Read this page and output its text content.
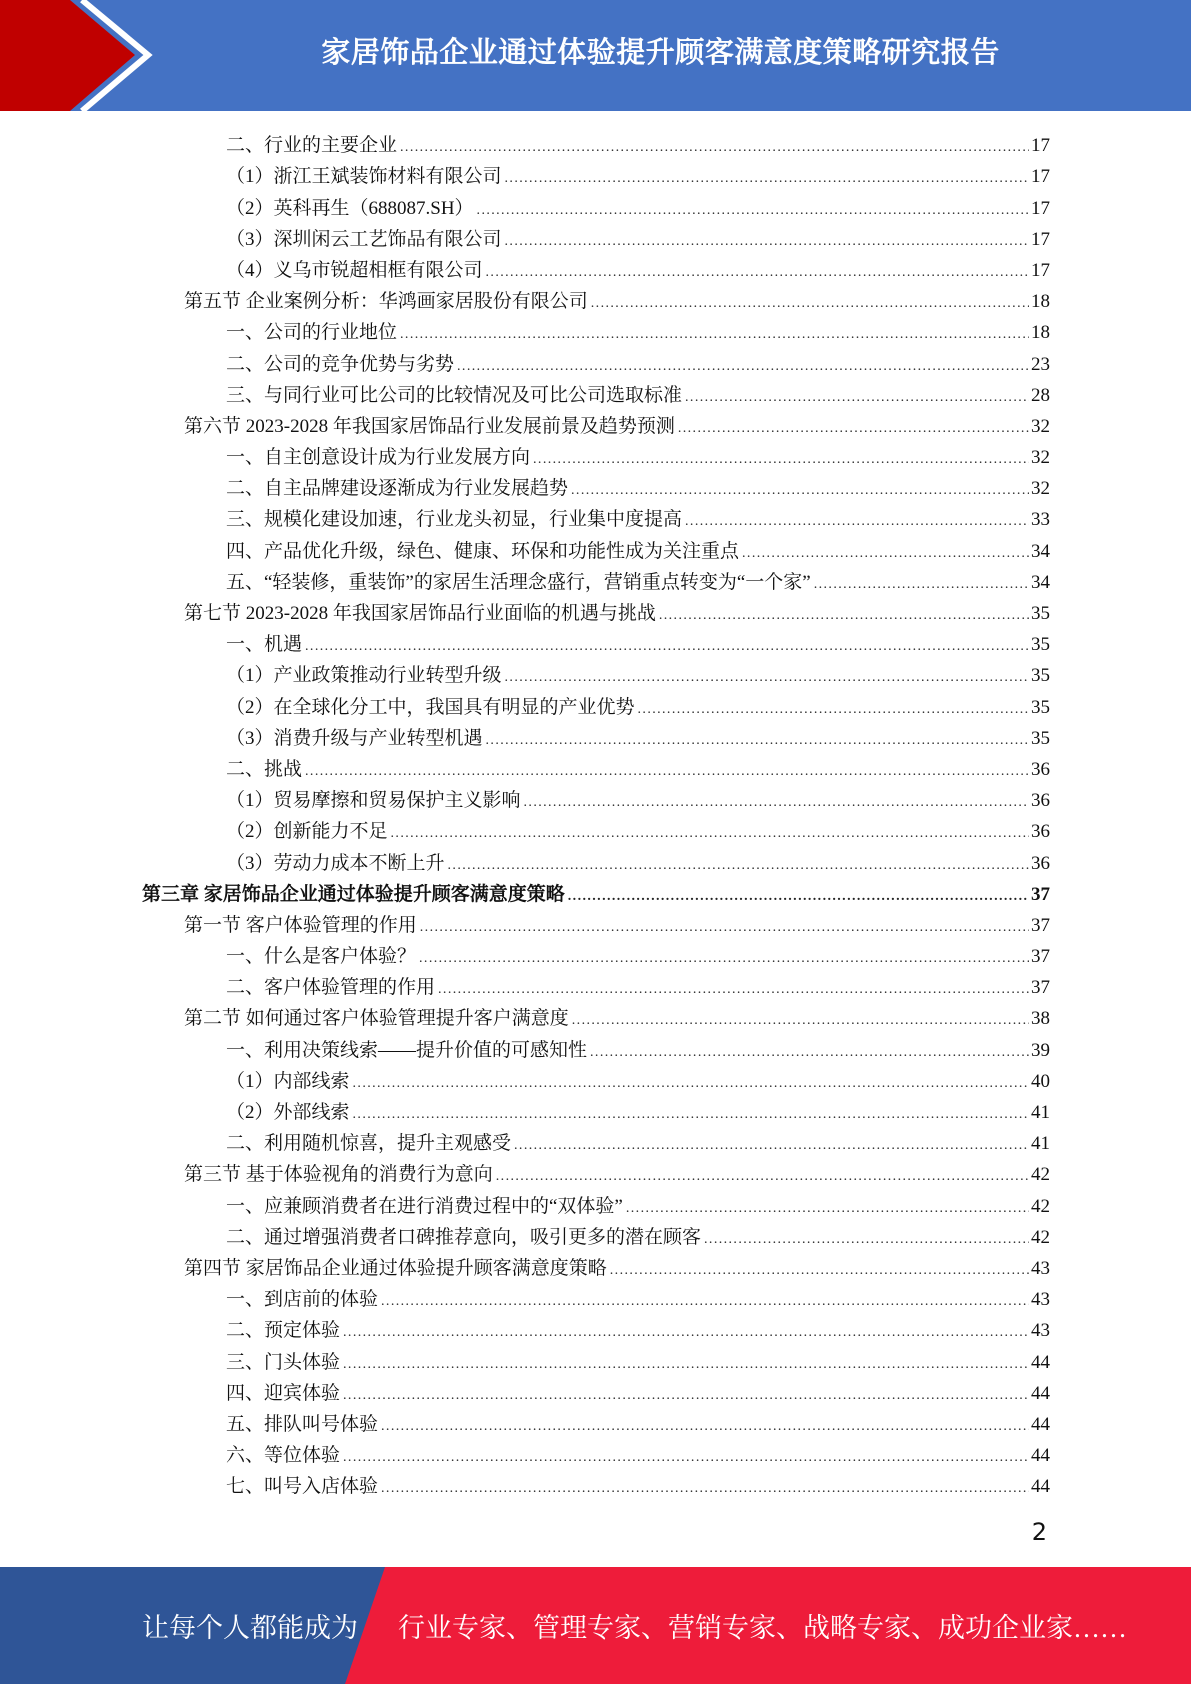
家居饰品企业通过体验提升顾客满意度策略研究报告
二、行业的主要企业 .....	17
（1）浙江王斌装饰材料有限公司 .....	17
（2）英科再生（688087.SH） .....	17
（3）深圳闲云工艺饰品有限公司 .....	17
（4）义乌市锐超相框有限公司 .....	17
第五节 企业案例分析：华鸿画家居股份有限公司 .....	18
一、公司的行业地位 .....	18
二、公司的竞争优势与劣势 .....	23
三、与同行业可比公司的比较情况及可比公司选取标准 .....	28
第六节 2023-2028 年我国家居饰品行业发展前景及趋势预测 .....	32
一、自主创意设计成为行业发展方向 .....	32
二、自主品牌建设逐渐成为行业发展趋势 .....	32
三、规模化建设加速，行业龙头初显，行业集中度提高 .....	33
四、产品优化升级，绿色、健康、环保和功能性成为关注重点 .....	34
五、“轻装修，重装饰”的家居生活理念盛行，营销重点转变为“一个家” .....	34
第七节 2023-2028 年我国家居饰品行业面临的机遇与挑战 .....	35
一、机遇 .....	35
（1）产业政策推动行业转型升级 .....	35
（2）在全球化分工中，我国具有明显的产业优势 .....	35
（3）消费升级与产业转型机遇 .....	35
二、挑战 .....	36
（1）贸易摩擦和贸易保护主义影响 .....	36
（2）创新能力不足 .....	36
（3）劳动力成本不断上升 .....	36
第三章 家居饰品企业通过体验提升顾客满意度策略 .....	37
第一节 客户体验管理的作用 .....	37
一、什么是客户体验？ .....	37
二、客户体验管理的作用 .....	37
第二节 如何通过客户体验管理提升客户满意度 .....	38
一、利用决策线索——提升价值的可感知性 .....	39
（1）内部线索 .....	40
（2）外部线索 .....	41
二、利用随机惊喜，提升主观感受 .....	41
第三节 基于体验视角的消费行为意向 .....	42
一、应兼顾消费者在进行消费过程中的“双体验” .....	42
二、通过增强消费者口碑推荐意向，吸引更多的潜在顾客 .....	42
第四节 家居饰品企业通过体验提升顾客满意度策略 .....	43
一、到店前的体验 .....	43
二、预定体验 .....	43
三、门头体验 .....	44
四、迎宾体验 .....	44
五、排队叫号体验 .....	44
六、等位体验 .....	44
七、叫号入店体验 .....	44
2
让每个人都能成为 行业专家、管理专家、营销专家、战略专家、成功企业家……
